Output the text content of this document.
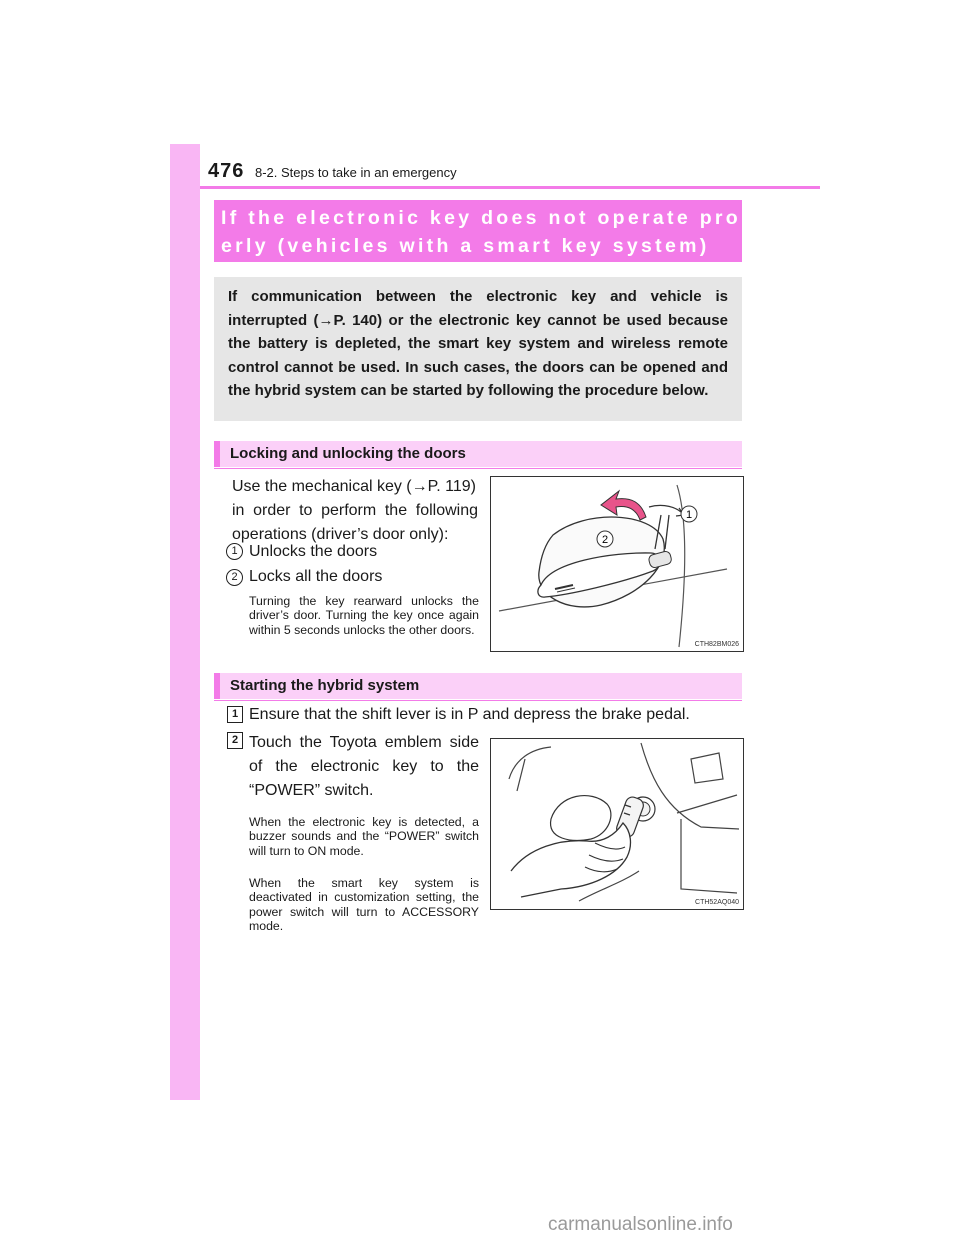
476 8-2. Steps to take in an emergency
If the electronic key does not operate prop-
erly (vehicles with a smart key system)
If communication between the electronic key and vehicle is interrupted (→P. 140) or the electronic key cannot be used because the battery is depleted, the smart key system and wireless remote control cannot be used. In such cases, the doors can be opened and the hybrid system can be started by following the procedure below.
Locking and unlocking the doors
Use the mechanical key (→P. 119)
in order to perform the following
operations (driver’s door only):
1 Unlocks the doors
2 Locks all the doors
Turning the key rearward unlocks the driver’s door. Turning the key once again within 5 seconds unlocks the other doors.
1
2
CTH82BM026
Starting the hybrid system
1 Ensure that the shift lever is in P and depress the brake pedal.
2 Touch the Toyota emblem side
of the electronic key to the
“POWER” switch.
When the electronic key is detected, a buzzer sounds and the “POWER” switch will turn to ON mode.
When the smart key system is deactivated in customization setting, the power switch will turn to ACCESSORY mode.
CTH52AQ040
carmanualsonline.info
